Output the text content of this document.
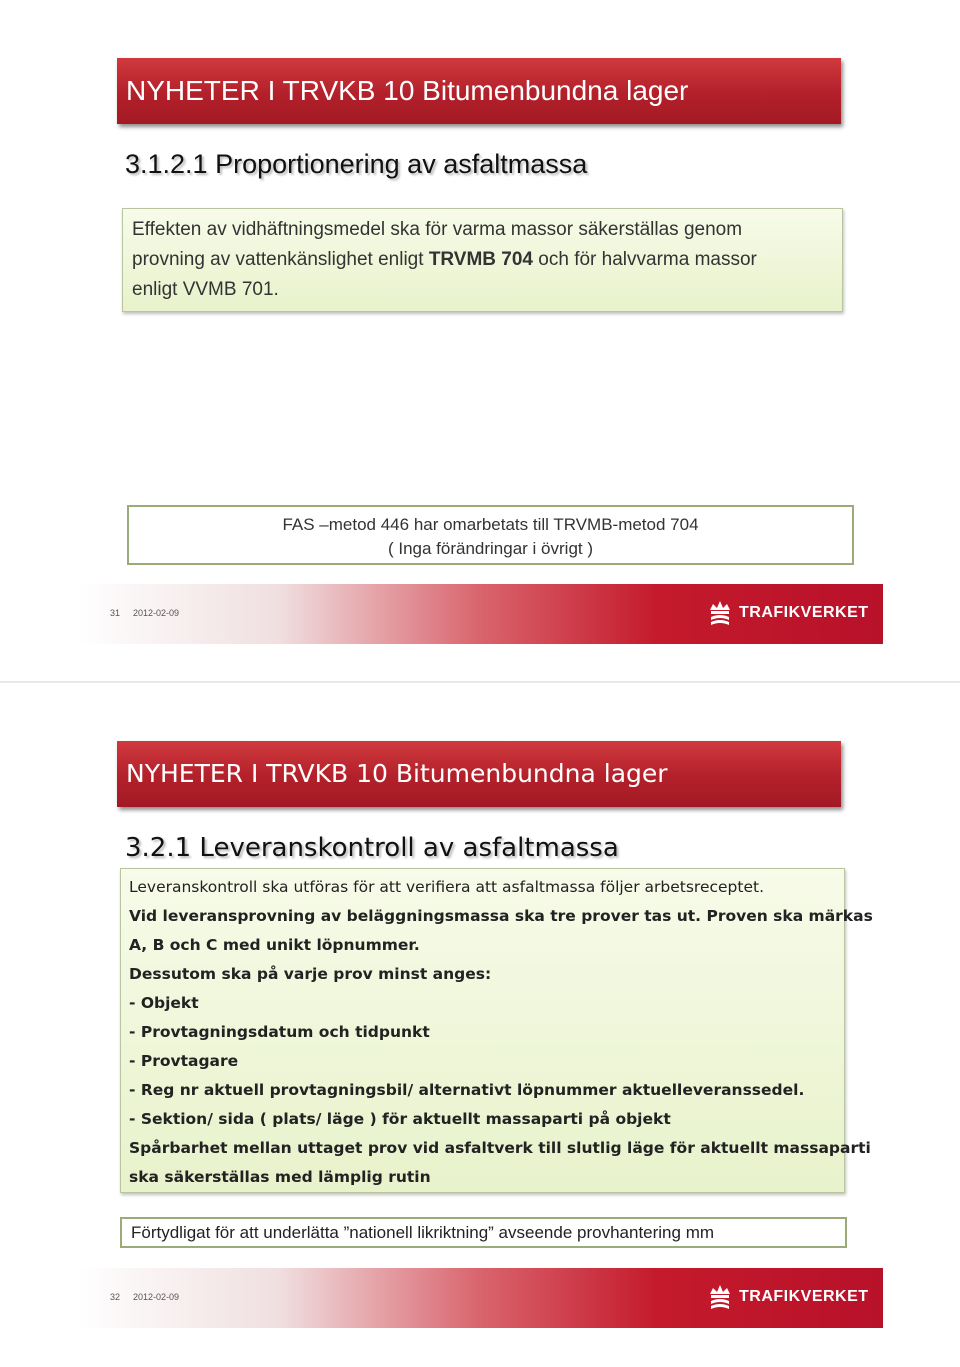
NYHETER I TRVKB 10 Bitumenbundna lager
3.1.2.1 Proportionering av asfaltmassa
Effekten av vidhäftningsmedel ska för varma massor säkerställas genom
provning av vattenkänslighet enligt TRVMB 704 och för halvvarma massor
enligt VVMB 701.
FAS –metod 446 har omarbetats till TRVMB-metod 704
( Inga förändringar i övrigt )
31 2012-02-09	TRAFIKVERKET
NYHETER I TRVKB 10 Bitumenbundna lager
3.2.1 Leveranskontroll av asfaltmassa
Leveranskontroll ska utföras för att verifiera att asfaltmassa följer arbetsreceptet.
Vid leveransprovning av beläggningsmassa ska tre prover tas ut. Proven ska märkas
A, B och C med unikt löpnummer.
Dessutom ska på varje prov minst anges:
- Objekt
- Provtagningsdatum och tidpunkt
- Provtagare
- Reg nr aktuell provtagningsbil/ alternativt löpnummer aktuell
leveranssedel.
- Sektion/ sida ( plats/ läge ) för aktuellt massaparti på objekt
Spårbarhet mellan uttaget prov vid asfaltverk till slutlig läge för aktuellt massaparti
ska säkerställas med lämplig rutin
Förtydligat för att underlätta ”nationell likriktning” avseende provhantering mm
32 2012-02-09	TRAFIKVERKET
